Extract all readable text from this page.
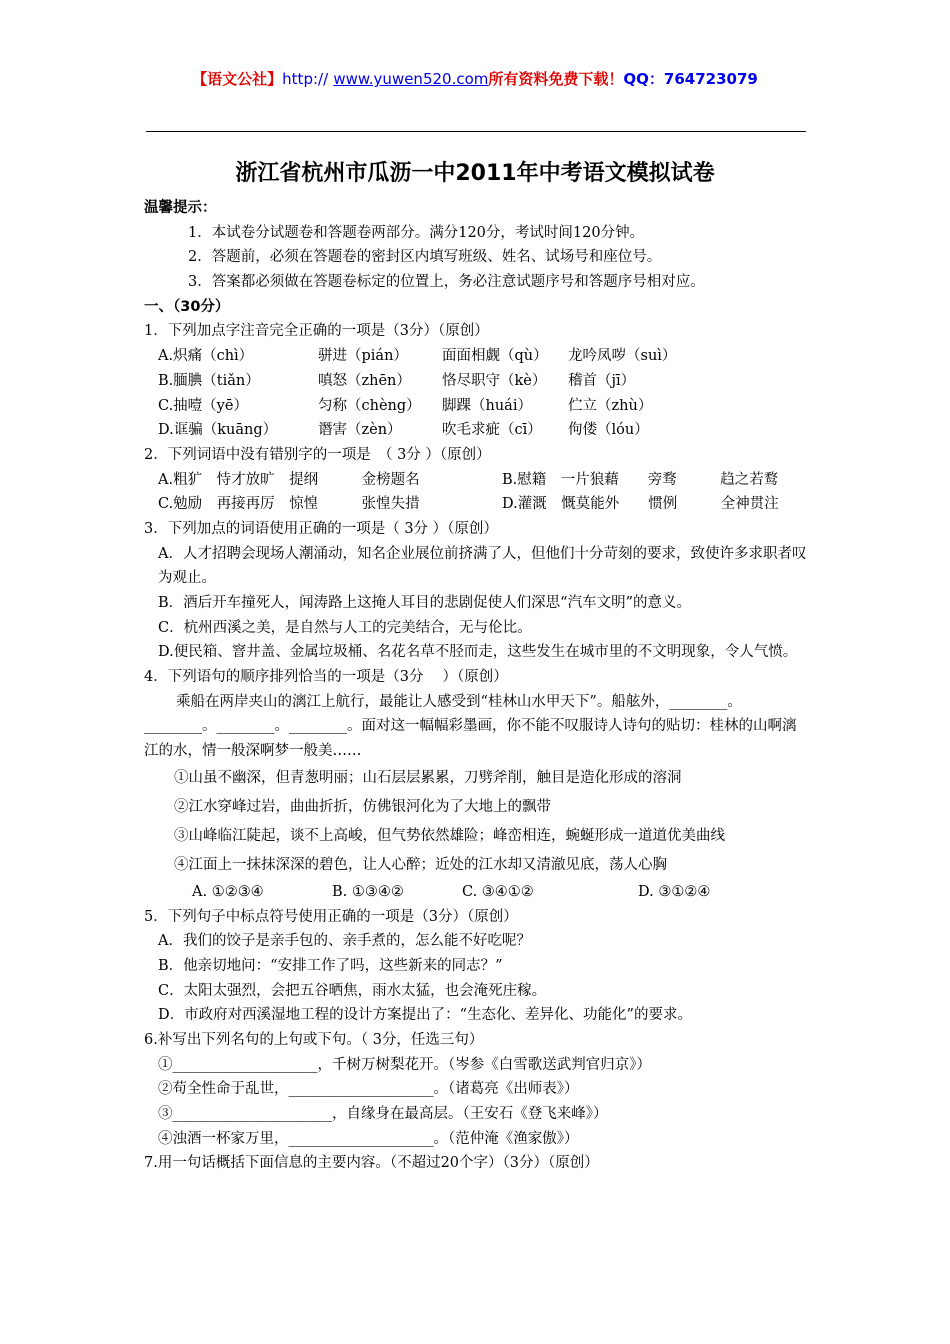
【语文公社】http:// www.yuwen520.com所有资料免费下载！QQ：764723079
浙江省杭州市瓜沥一中2011年中考语文模拟试卷
温馨提示：
1．本试卷分试题卷和答题卷两部分。满分120分，考试时间120分钟。
2．答题前，必须在答题卷的密封区内填写班级、姓名、试场号和座位号。
3．答案都必须做在答题卷标定的位置上，务必注意试题序号和答题序号相对应。
一、（30分）
1．下列加点字注音完全正确的一项是（3分）（原创）
A.炽痛（chì）	骈进（pián） 面面相觑（qù） 龙吟凤哕（suì）
B.腼腆（tiǎn）	嗔怒（zhēn） 恪尽职守（kè） 稽首（jī）
C.抽噎（yē）	匀称（chèng） 脚踝（huái） 伫立（zhù）
D.诓骗（kuāng）	谮害（zèn）	吹毛求疵（cī） 佝偻（lóu）
2．下列词语中没有错别字的一项是　（ 3分 ）（原创）
A.粗犷　恃才放旷　提纲　　　金榜题名	B.慰籍　一片狼藉　　旁骛　　　趋之若鹜
C.勉励　再接再厉　惊惶　　　张惶失措	D.灌溉　慨莫能外　　惯例　　　全神贯注
3．下列加点的词语使用正确的一项是（ 3分 ）（原创）
A．人才招聘会现场人潮涌动，知名企业展位前挤满了人，但他们十分苛刻的要求，致使许多求职者叹为观止。
B．酒后开车撞死人，闻涛路上这掩人耳目的悲剧促使人们深思“汽车文明”的意义。
C．杭州西溪之美，是自然与人工的完美结合，无与伦比。
D.便民箱、窨井盖、金属垃圾桶、名花名草不胫而走，这些发生在城市里的不文明现象，令人气愤。
4．下列语句的顺序排列恰当的一项是（3分　 ）（原创）
乘船在两岸夹山的漓江上航行，最能让人感受到“桂林山水甲天下”。船舷外，________。
________。________。________。面对这一幅幅彩墨画，你不能不叹服诗人诗句的贴切：桂林的山啊漓江的水，情一般深啊梦一般美……
①山虽不幽深，但青葱明丽；山石层层累累，刀劈斧削，触目是造化形成的溶洞
②江水穿峰过岩，曲曲折折，仿佛银河化为了大地上的飘带
③山峰临江陡起，谈不上高峻，但气势依然雄险；峰峦相连，蜿蜒形成一道道优美曲线
④江面上一抹抹深深的碧色，让人心醉；近处的江水却又清澈见底，荡人心胸
A. ①②③④	B. ①③④②	C. ③④①②	D. ③①②④
5．下列句子中标点符号使用正确的一项是（3分）（原创）
A．我们的饺子是亲手包的、亲手煮的，怎么能不好吃呢？
B．他亲切地问：“安排工作了吗，这些新来的同志？”
C．太阳太强烈，会把五谷晒焦，雨水太猛，也会淹死庄稼。
D．市政府对西溪湿地工程的设计方案提出了：“生态化、差异化、功能化”的要求。
6.补写出下列名句的上句或下句。（ 3分，任选三句）
①____________________，千树万树梨花开。（岑参《白雪歌送武判官归京》）
②苟全性命于乱世，____________________。（诸葛亮《出师表》）
③______________________，自缘身在最高层。（王安石《登飞来峰》）
④浊酒一杯家万里，____________________。（范仲淹《渔家傲》）
7.用一句话概括下面信息的主要内容。（不超过20个字）（3分）（原创）
